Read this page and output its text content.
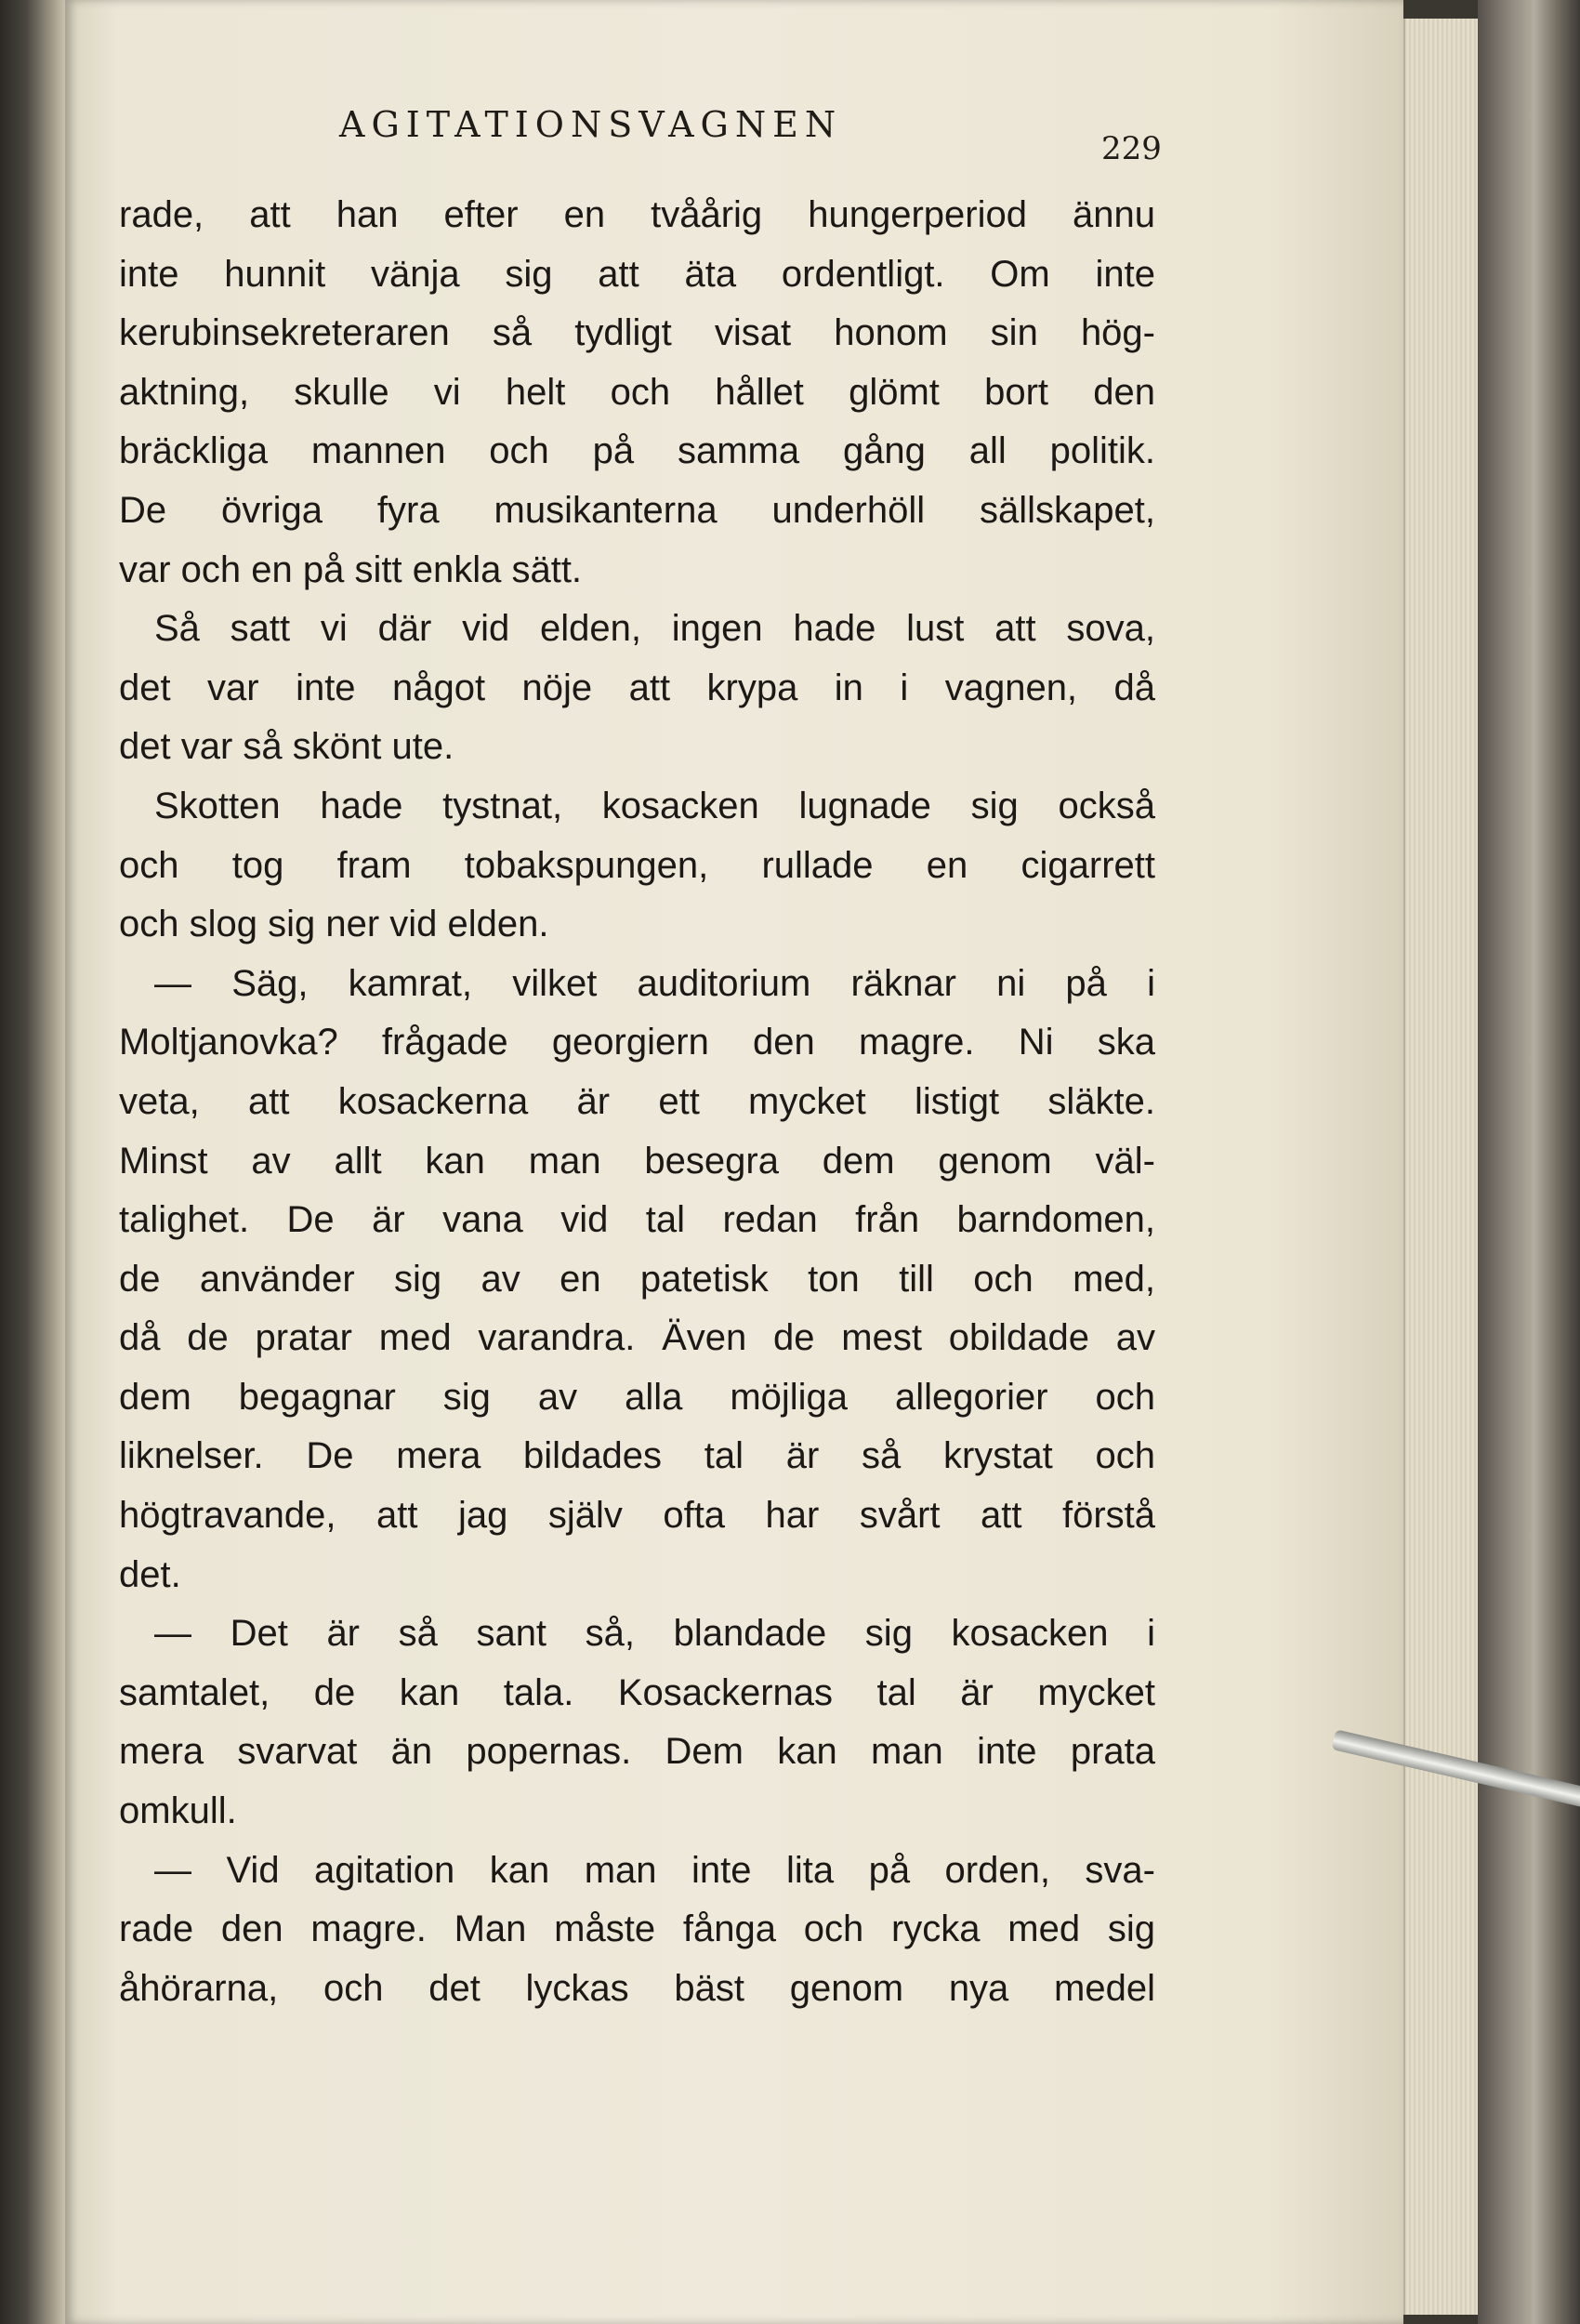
AGITATIONSVAGNEN
229
rade, att han efter en tvåårig hungerperiod ännu
inte hunnit vänja sig att äta ordentligt. Om inte
kerubinsekreteraren så tydligt visat honom sin hög-
aktning, skulle vi helt och hållet glömt bort den
bräckliga mannen och på samma gång all politik.
De övriga fyra musikanterna underhöll sällskapet,
var och en på sitt enkla sätt.
Så satt vi där vid elden, ingen hade lust att sova,
det var inte något nöje att krypa in i vagnen, då
det var så skönt ute.
Skotten hade tystnat, kosacken lugnade sig också
och tog fram tobakspungen, rullade en cigarrett
och slog sig ner vid elden.
— Säg, kamrat, vilket auditorium räknar ni på i
Moltjanovka? frågade georgiern den magre. Ni ska
veta, att kosackerna är ett mycket listigt släkte.
Minst av allt kan man besegra dem genom väl-
talighet. De är vana vid tal redan från barndomen,
de använder sig av en patetisk ton till och med,
då de pratar med varandra. Även de mest obildade av
dem begagnar sig av alla möjliga allegorier och
liknelser. De mera bildades tal är så krystat och
högtravande, att jag själv ofta har svårt att förstå
det.
— Det är så sant så, blandade sig kosacken i
samtalet, de kan tala. Kosackernas tal är mycket
mera svarvat än popernas. Dem kan man inte prata
omkull.
— Vid agitation kan man inte lita på orden, sva-
rade den magre. Man måste fånga och rycka med sig
åhörarna, och det lyckas bäst genom nya medel
